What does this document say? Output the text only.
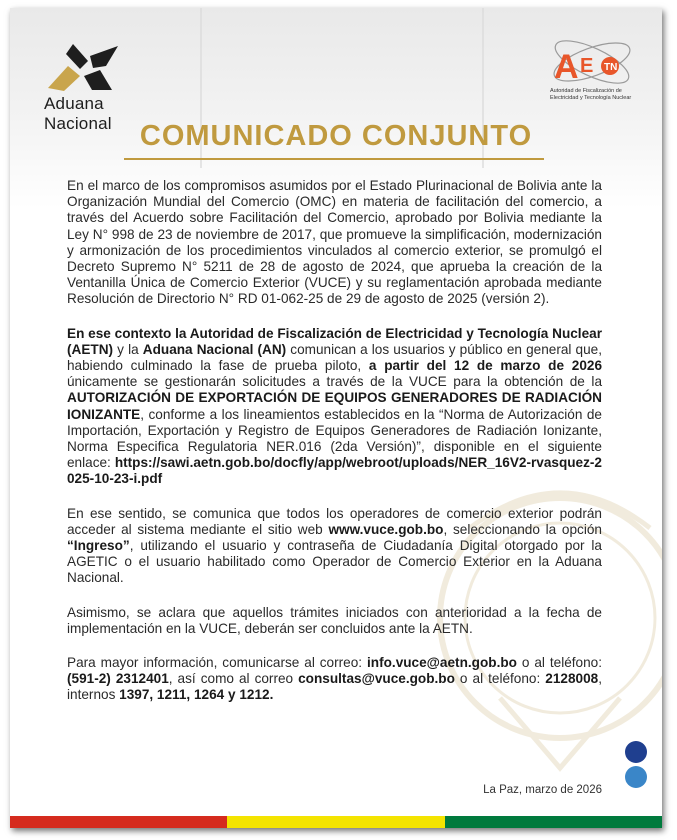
Aduana Nacional
A E TN
Autoridad de Fiscalización de Electricidad y Tecnología Nuclear
COMUNICADO CONJUNTO

En el marco de los compromisos asumidos por el Estado Plurinacional de Bolivia ante la Organización Mundial del Comercio (OMC) en materia de facilitación del comercio, a través del Acuerdo sobre Facilitación del Comercio, aprobado por Bolivia mediante la Ley N° 998 de 23 de noviembre de 2017, que promueve la simplificación, modernización y armonización de los procedimientos vinculados al comercio exterior, se promulgó el Decreto Supremo N° 5211 de 28 de agosto de 2024, que aprueba la creación de la Ventanilla Única de Comercio Exterior (VUCE) y su reglamentación aprobada mediante Resolución de Directorio N° RD 01-062-25 de 29 de agosto de 2025 (versión 2).

En ese contexto la Autoridad de Fiscalización de Electricidad y Tecnología Nuclear (AETN) y la Aduana Nacional (AN) comunican a los usuarios y público en general que, habiendo culminado la fase de prueba piloto, a partir del 12 de marzo de 2026 únicamente se gestionarán solicitudes a través de la VUCE para la obtención de la AUTORIZACIÓN DE EXPORTACIÓN DE EQUIPOS GENERADORES DE RADIACIÓN IONIZANTE, conforme a los lineamientos establecidos en la “Norma de Autorización de Importación, Exportación y Registro de Equipos Generadores de Radiación Ionizante, Norma Especifica Regulatoria NER.016 (2da Versión)”, disponible en el siguiente enlace: https://sawi.aetn.gob.bo/docfly/app/webroot/uploads/NER_16V2-rvasquez-2025-10-23-i.pdf

En ese sentido, se comunica que todos los operadores de comercio exterior podrán acceder al sistema mediante el sitio web www.vuce.gob.bo, seleccionando la opción “Ingreso”, utilizando el usuario y contraseña de Ciudadanía Digital otorgado por la AGETIC o el usuario habilitado como Operador de Comercio Exterior en la Aduana Nacional.

Asimismo, se aclara que aquellos trámites iniciados con anterioridad a la fecha de implementación en la VUCE, deberán ser concluidos ante la AETN.

Para mayor información, comunicarse al correo: info.vuce@aetn.gob.bo o al teléfono: (591-2) 2312401, así como al correo consultas@vuce.gob.bo o al teléfono: 2128008, internos 1397, 1211, 1264 y 1212.

La Paz, marzo de 2026
